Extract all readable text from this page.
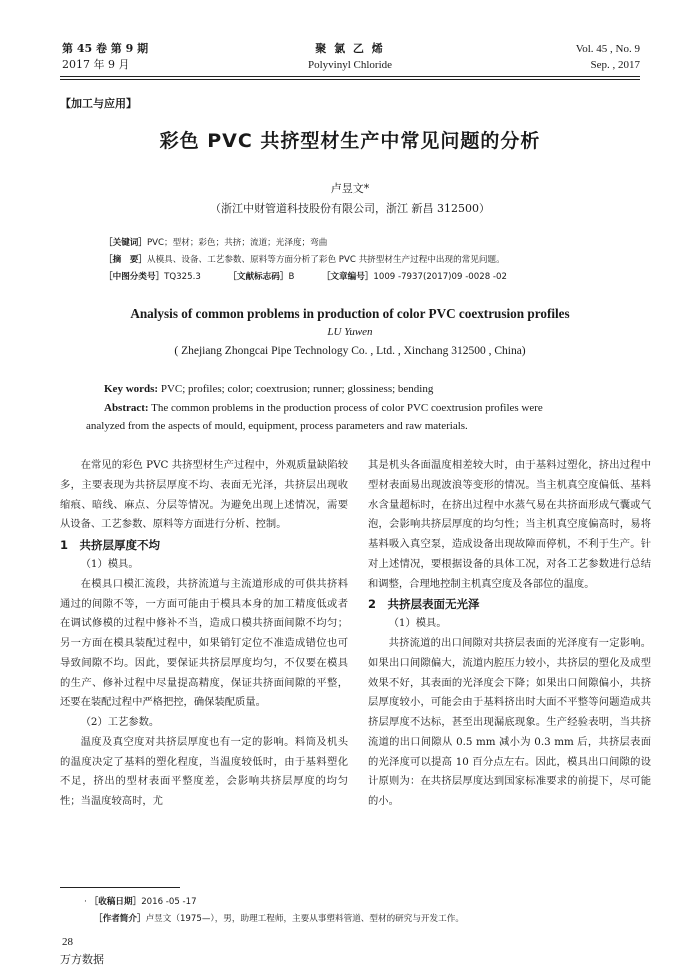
第 45 卷 第 9 期
2017 年 9 月
聚 氯 乙 烯
Polyvinyl Chloride
Vol. 45 , No. 9
Sep. , 2017
【加工与应用】
彩色 PVC 共挤型材生产中常见问题的分析
卢昱文*
（浙江中财管道科技股份有限公司，浙江 新昌 312500）
［关键词］PVC；型材；彩色；共挤；流道；光泽度；弯曲
［摘　要］从模具、设备、工艺参数、原料等方面分析了彩色 PVC 共挤型材生产过程中出现的常见问题。
［中图分类号］TQ325.3	［文献标志码］B	［文章编号］1009 -7937(2017)09 -0028 -02
Analysis of common problems in production of color PVC coextrusion profiles
LU Yuwen
( Zhejiang Zhongcai Pipe Technology Co. , Ltd. , Xinchang 312500 , China)
Key words: PVC; profiles; color; coextrusion; runner; glossiness; bending
Abstract: The common problems in the production process of color PVC coextrusion profiles were
analyzed from the aspects of mould, equipment, process parameters and raw materials.

在常见的彩色 PVC 共挤型材生产过程中，外观质量缺陷较多，主要表现为共挤层厚度不均、表面无光泽，共挤层出现收缩痕、暗线、麻点、分层等情况。为避免出现上述情况，需要从设备、工艺参数、原料等方面进行分析、控制。

1　共挤层厚度不均

（1）模具。

在模具口模汇流段，共挤流道与主流道形成的可供共挤料通过的间隙不等，一方面可能由于模具本身的加工精度低或者在调试修模的过程中修补不当，造成口模共挤面间隙不均匀；另一方面在模具装配过程中，如果销钉定位不准造成错位也可导致间隙不均。因此，要保证共挤层厚度均匀，不仅要在模具的生产、修补过程中尽量提高精度，保证共挤面间隙的平整，还要在装配过程中严格把控，确保装配质量。

（2）工艺参数。

温度及真空度对共挤层厚度也有一定的影响。料筒及机头的温度决定了基料的塑化程度，当温度较低时，由于基料塑化不足，挤出的型材表面平整度差，会影响共挤层厚度的均匀性；当温度较高时，尤

其是机头各面温度相差较大时，由于基料过塑化，挤出过程中型材表面易出现波浪等变形的情况。当主机真空度偏低、基料水含量超标时，在挤出过程中水蒸气易在共挤面形成气囊或气泡，会影响共挤层厚度的均匀性；当主机真空度偏高时，易将基料吸入真空泵，造成设备出现故障而停机，不利于生产。针对上述情况，要根据设备的具体工况，对各工艺参数进行总结和调整，合理地控制主机真空度及各部位的温度。

2　共挤层表面无光泽

（1）模具。

共挤流道的出口间隙对共挤层表面的光泽度有一定影响。如果出口间隙偏大，流道内腔压力较小，共挤层的塑化及成型效果不好，其表面的光泽度会下降；如果出口间隙偏小，共挤层厚度较小，可能会由于基料挤出时大面不平整等问题造成共挤层厚度不达标，甚至出现漏底现象。生产经验表明，当共挤流道的出口间隙从 0.5 mm 减小为 0.3 mm 后，共挤层表面的光泽度可以提高 10 百分点左右。因此，模具出口间隙的设计原则为：在共挤层厚度达到国家标准要求的前提下，尽可能的小。

· ［收稿日期］2016 -05 -17
［作者简介］卢昱文（1975—），男，助理工程师，主要从事塑料管道、型材的研究与开发工作。
28
万方数据
